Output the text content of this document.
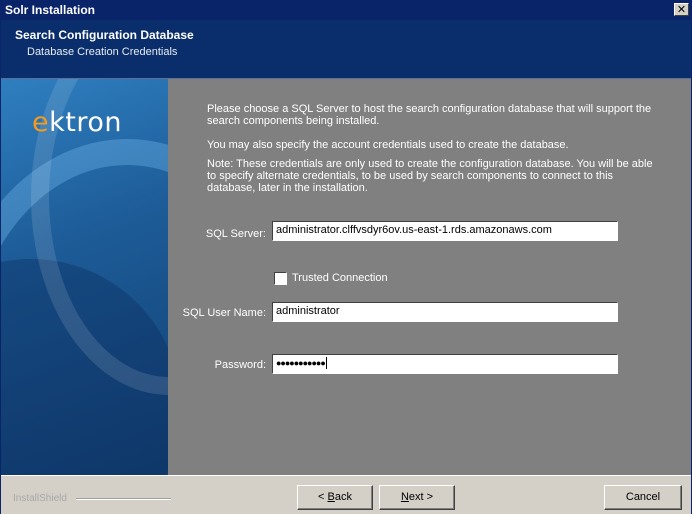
Solr Installation	✕
Search Configuration Database
Database Creation Credentials
ektron	Please choose a SQL Server to host the search configuration database that will support the search components being installed.
You may also specify the account credentials used to create the database.
Note: These credentials are only used to create the configuration database. You will be able to specify alternate credentials, to be used by search components to connect to this database, later in the installation.
SQL Server: administrator.clffvsdyr6ov.us-east-1.rds.amazonaws.com
Trusted Connection
SQL User Name: administrator
Password:	●●●●●●●●●●●
InstallShield	< Back	Next >	Cancel
